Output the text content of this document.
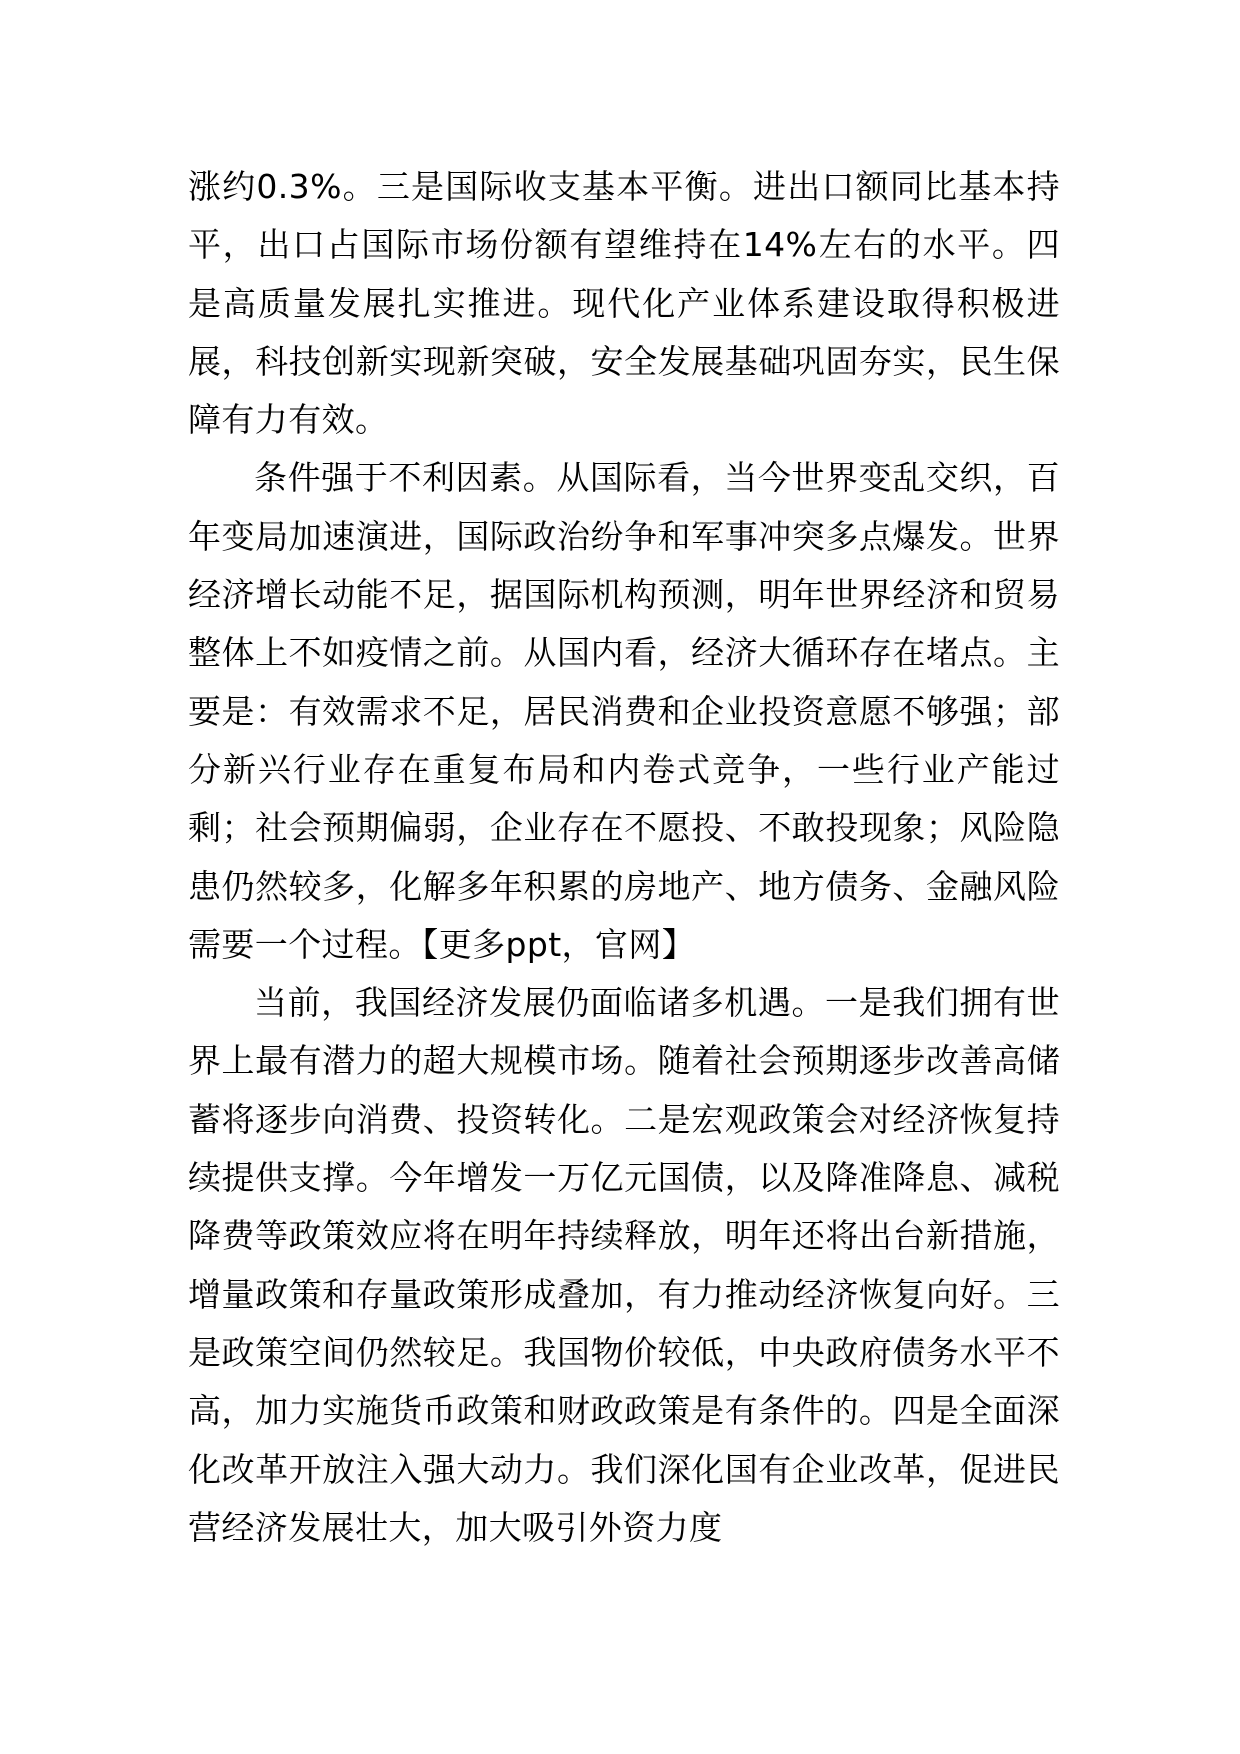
涨约0.3%。三是国际收支基本平衡。进出口额同比基本持平，出口占国际市场份额有望维持在14%左右的水平。四是高质量发展扎实推进。现代化产业体系建设取得积极进展，科技创新实现新突破，安全发展基础巩固夯实，民生保障有力有效。

条件强于不利因素。从国际看，当今世界变乱交织，百年变局加速演进，国际政治纷争和军事冲突多点爆发。世界经济增长动能不足，据国际机构预测，明年世界经济和贸易整体上不如疫情之前。从国内看，经济大循环存在堵点。主要是：有效需求不足，居民消费和企业投资意愿不够强；部分新兴行业存在重复布局和内卷式竞争，一些行业产能过剩；社会预期偏弱，企业存在不愿投、不敢投现象；风险隐患仍然较多，化解多年积累的房地产、地方债务、金融风险需要一个过程。【更多ppt，官网】

当前，我国经济发展仍面临诸多机遇。一是我们拥有世界上最有潜力的超大规模市场。随着社会预期逐步改善高储蓄将逐步向消费、投资转化。二是宏观政策会对经济恢复持续提供支撑。今年增发一万亿元国债，以及降准降息、减税降费等政策效应将在明年持续释放，明年还将出台新措施，增量政策和存量政策形成叠加，有力推动经济恢复向好。三是政策空间仍然较足。我国物价较低，中央政府债务水平不高，加力实施货币政策和财政政策是有条件的。四是全面深化改革开放注入强大动力。我们深化国有企业改革，促进民营经济发展壮大，加大吸引外资力度
